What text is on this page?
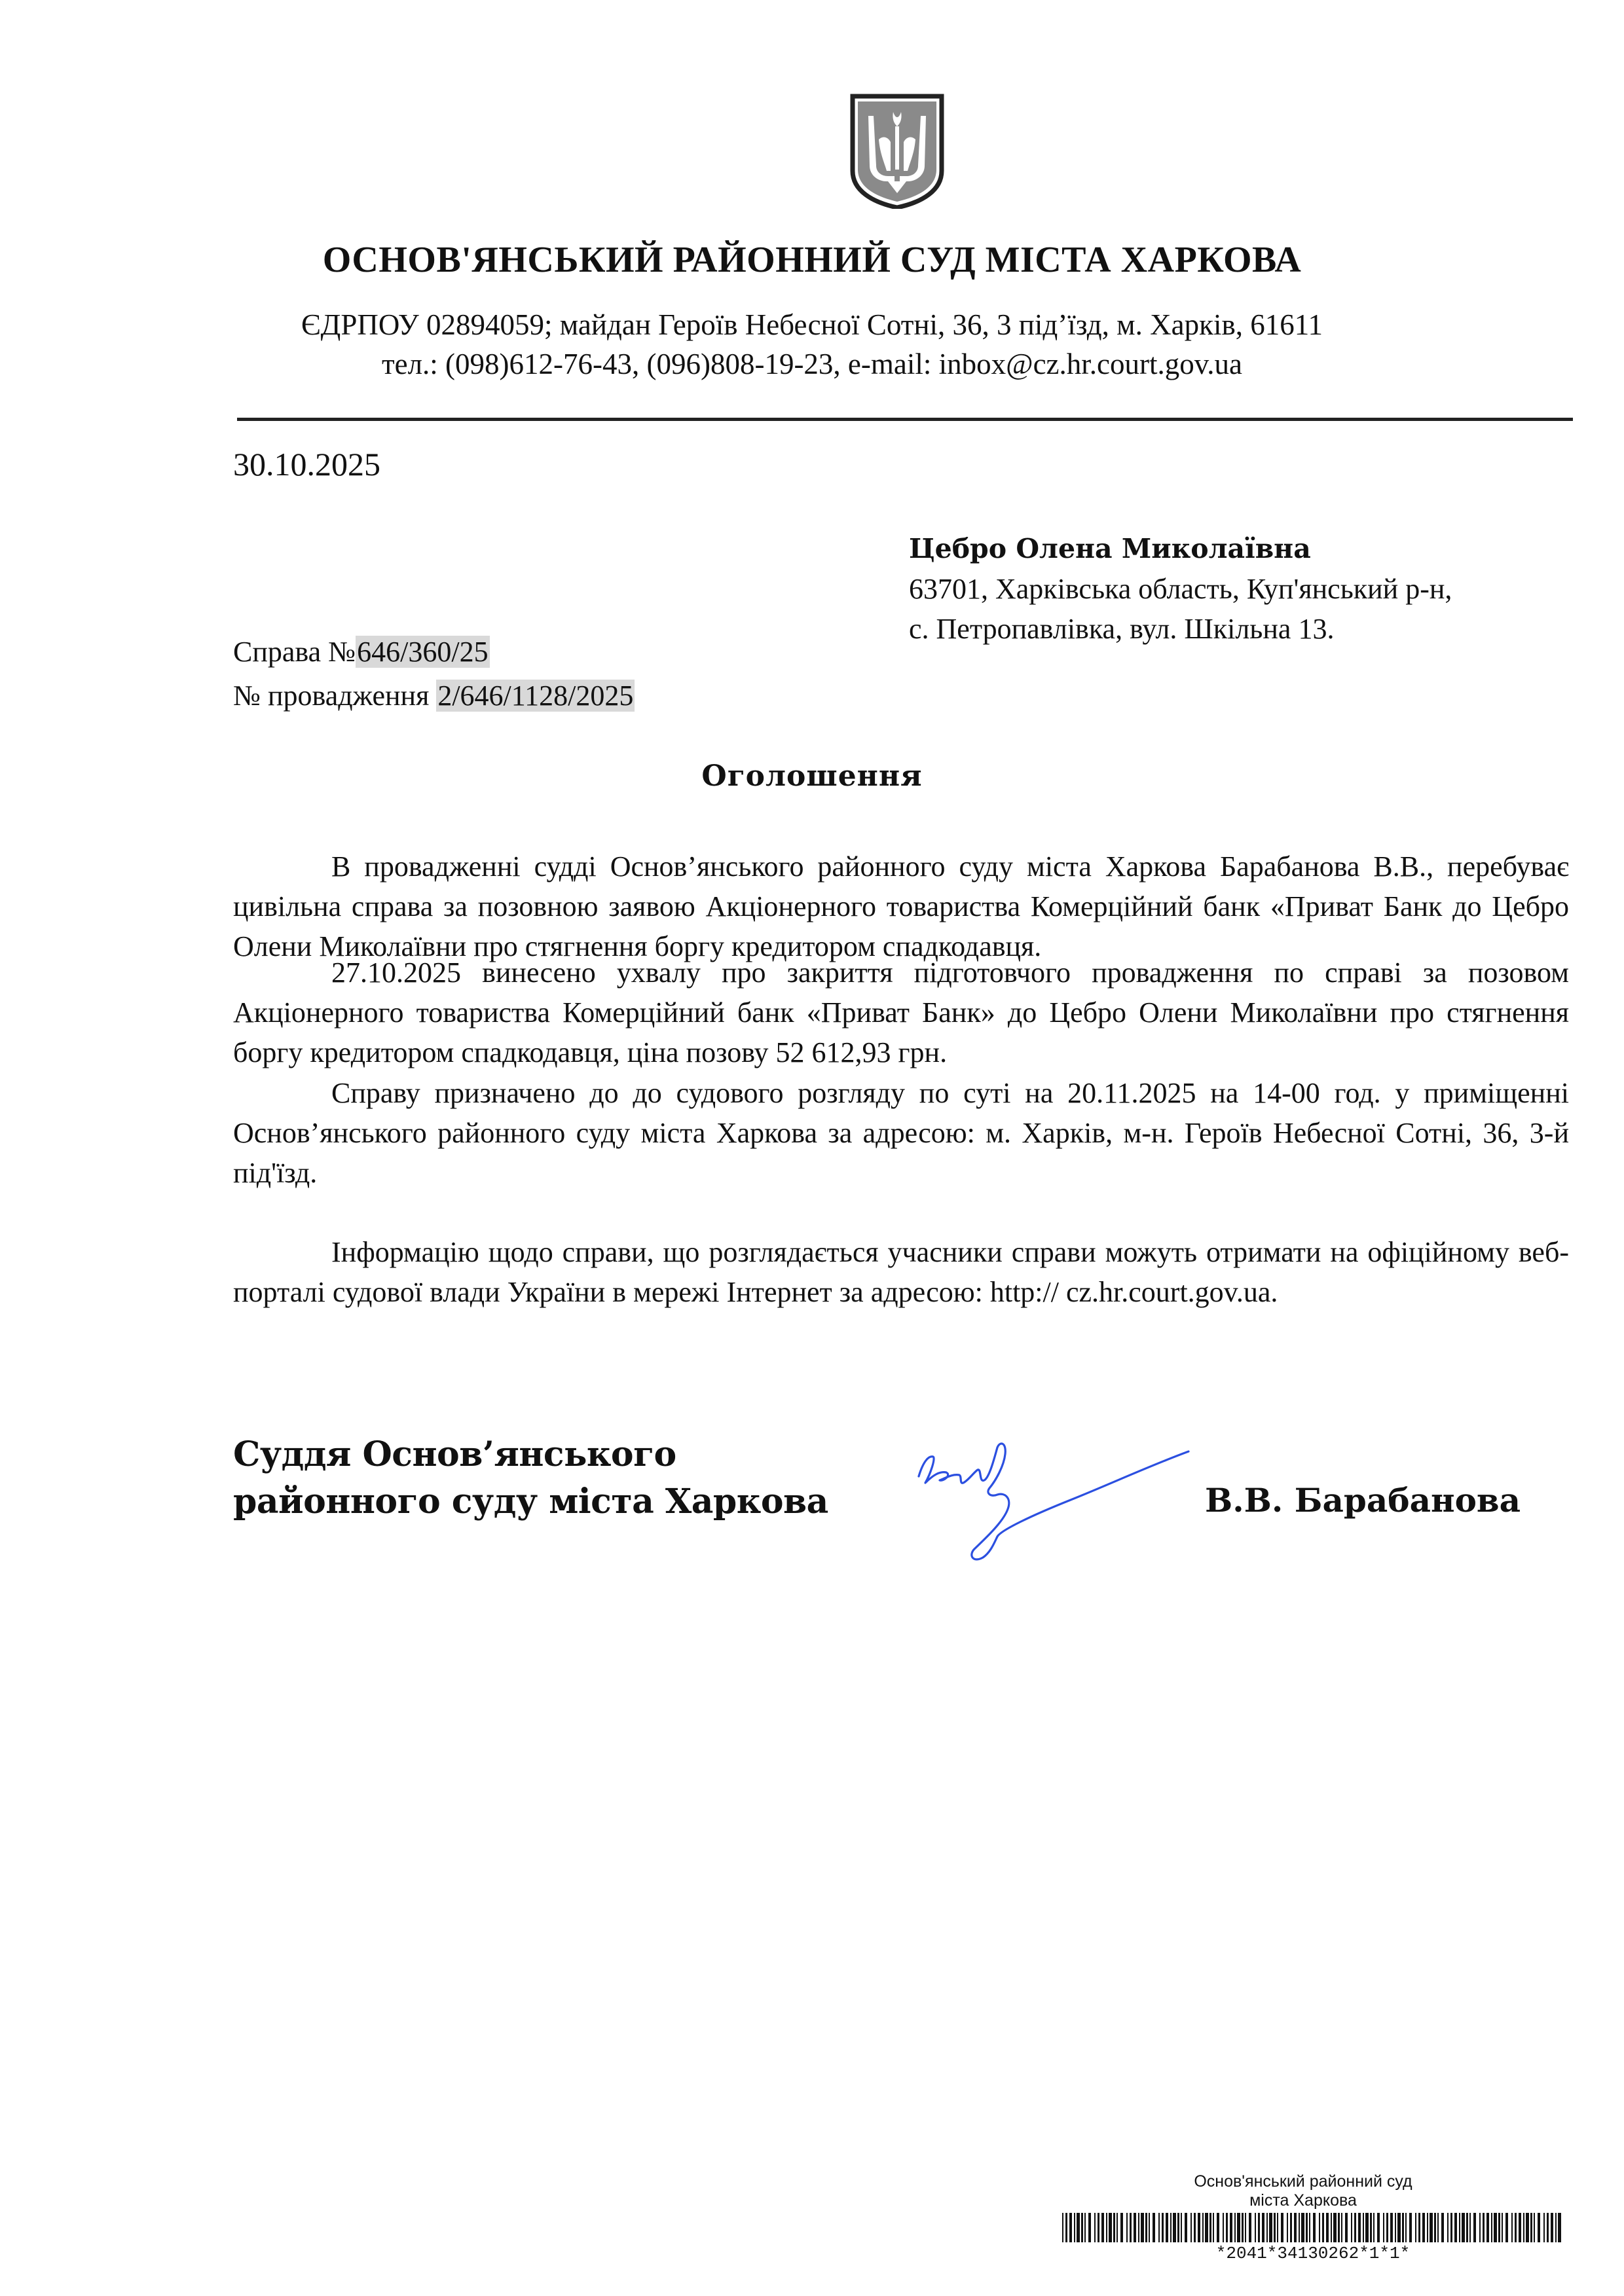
ОСНОВ'ЯНСЬКИЙ РАЙОННИЙ СУД МІСТА ХАРКОВА
ЄДРПОУ 02894059; майдан Героїв Небесної Сотні, 36, 3 під’їзд, м. Харків, 61611
тел.: (098)612-76-43, (096)808-19-23, e-mail: inbox@cz.hr.court.gov.ua
30.10.2025
Цебро Олена Миколаївна
63701, Харківська область, Куп'янський р-н,
с. Петропавлівка, вул. Шкільна 13.
Справа №646/360/25
№ провадження 2/646/1128/2025
Оголошення

В провадженні судді Основ’янського районного суду міста Харкова Барабанова В.В., перебуває цивільна справа за позовною заявою Акціонерного товариства Комерційний банк «Приват Банк до Цебро Олени Миколаївни про стягнення боргу кредитором спадкодавця.

27.10.2025 винесено ухвалу про закриття підготовчого провадження по справі за позовом Акціонерного товариства Комерційний банк «Приват Банк» до Цебро Олени Миколаївни про стягнення боргу кредитором спадкодавця, ціна позову 52 612,93 грн.

Справу призначено до до судового розгляду по суті на 20.11.2025 на 14-00 год. у приміщенні Основ’янського районного суду міста Харкова за адресою: м. Харків, м-н. Героїв Небесної Сотні, 36, 3-й під'їзд.

Інформацію щодо справи, що розглядається учасники справи можуть отримати на офіційному веб-порталі судової влади України в мережі Інтернет за адресою: http:// cz.hr.court.gov.ua.

Суддя Основ’янського
районного суду міста Харкова	В.В. Барабанова
Основ'янський районний суд
міста Харкова
*2041*34130262*1*1*
